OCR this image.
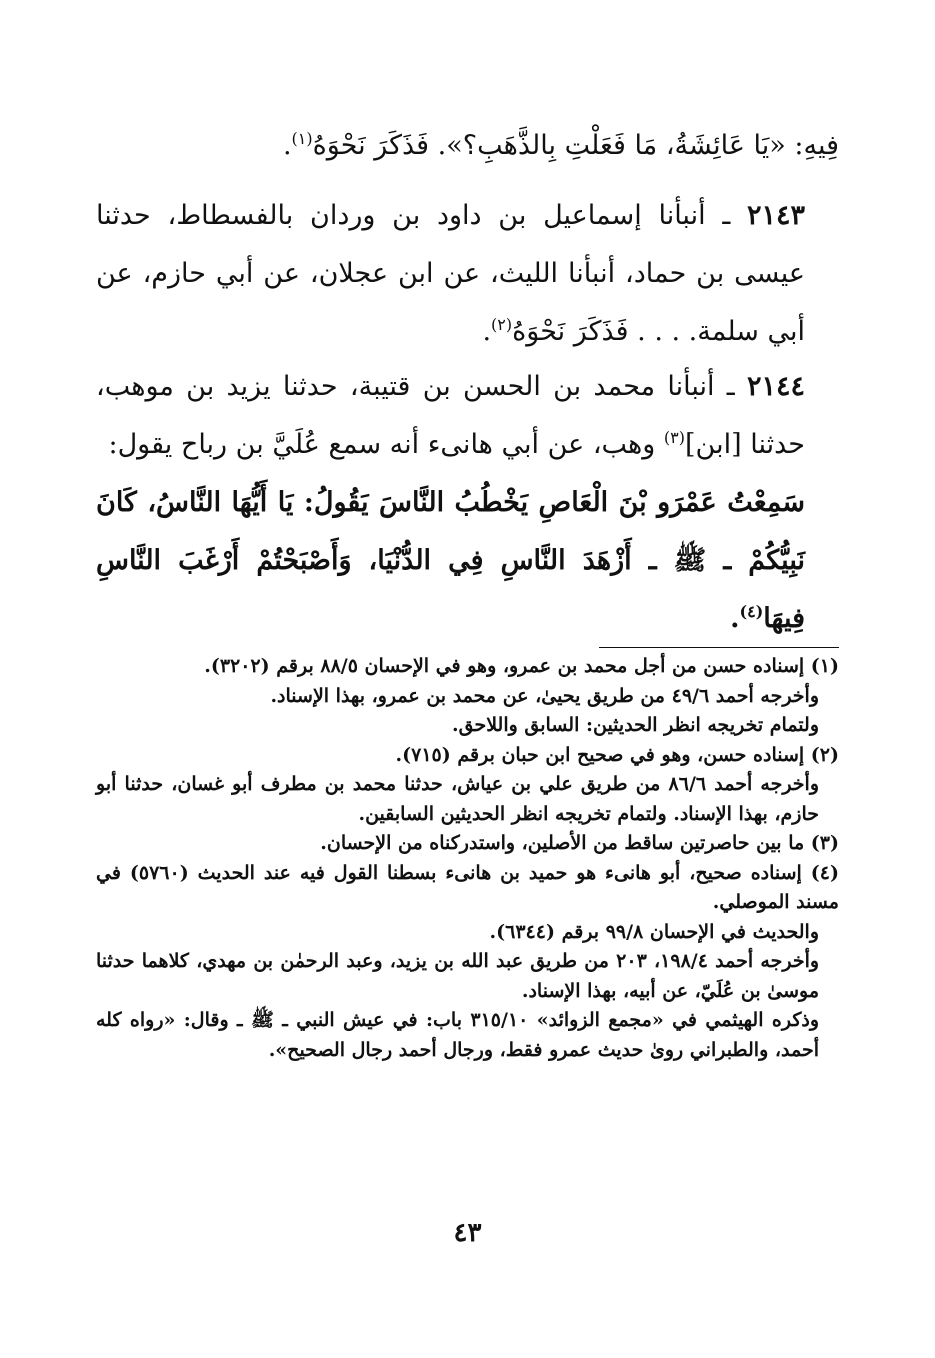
فِيهِ: «يَا عَائِشَةُ، مَا فَعَلْتِ بِالذَّهَبِ؟». فَذَكَرَ نَحْوَهُ$^{(١)}$.

٢١٤٣ ـ أنبأنا إسماعيل بن داود بن وردان بالفسطاط، حدثنا عيسى بن حماد، أنبأنا الليث، عن ابن عجلان، عن أبي حازم، عن أبي سلمة. . . . فَذَكَرَ نَحْوَهُ$^{(٢)}$.

٢١٤٤ ـ أنبأنا محمد بن الحسن بن قتيبة، حدثنا يزيد بن موهب، حدثنا [ابن]$^{(٣)}$ وهب، عن أبي هانىء أنه سمع عُلَيَّ بن رباح يقول:

سَمِعْتُ عَمْرَو بْنَ الْعَاصِ يَخْطُبُ النَّاسَ يَقُولُ: يَا أَيُّهَا النَّاسُ، كَانَ نَبِيُّكُمْ ـ ﷺ ـ أَزْهَدَ النَّاسِ فِي الدُّنْيَا، وَأَصْبَحْتُمْ أَرْغَبَ النَّاسِ فِيهَا$^{(٤)}$.

(١) إسناده حسن من أجل محمد بن عمرو، وهو في الإحسان ٨٨/٥ برقم (٣٢٠٢).

وأخرجه أحمد ٤٩/٦ من طريق يحيىٰ، عن محمد بن عمرو، بهذا الإسناد.

ولتمام تخريجه انظر الحديثين: السابق واللاحق.

(٢) إسناده حسن، وهو في صحيح ابن حبان برقم (٧١٥).

وأخرجه أحمد ٨٦/٦ من طريق علي بن عياش، حدثنا محمد بن مطرف أبو غسان، حدثنا أبو حازم، بهذا الإسناد. ولتمام تخريجه انظر الحديثين السابقين.

(٣) ما بين حاصرتين ساقط من الأصلين، واستدركناه من الإحسان.

(٤) إسناده صحيح، أبو هانىء هو حميد بن هانىء بسطنا القول فيه عند الحديث (٥٧٦٠) في مسند الموصلي.

والحديث في الإحسان ٩٩/٨ برقم (٦٣٤٤).

وأخرجه أحمد ١٩٨/٤، ٢٠٣ من طريق عبد الله بن يزيد، وعبد الرحمٰن بن مهدي، كلاهما حدثنا موسىٰ بن عُلَيّ، عن أبيه، بهذا الإسناد.

وذكره الهيثمي في «مجمع الزوائد» ٣١٥/١٠ باب: في عيش النبي ـ ﷺ ـ وقال: «رواه كله أحمد، والطبراني روىٰ حديث عمرو فقط، ورجال أحمد رجال الصحيح».

٤٣
